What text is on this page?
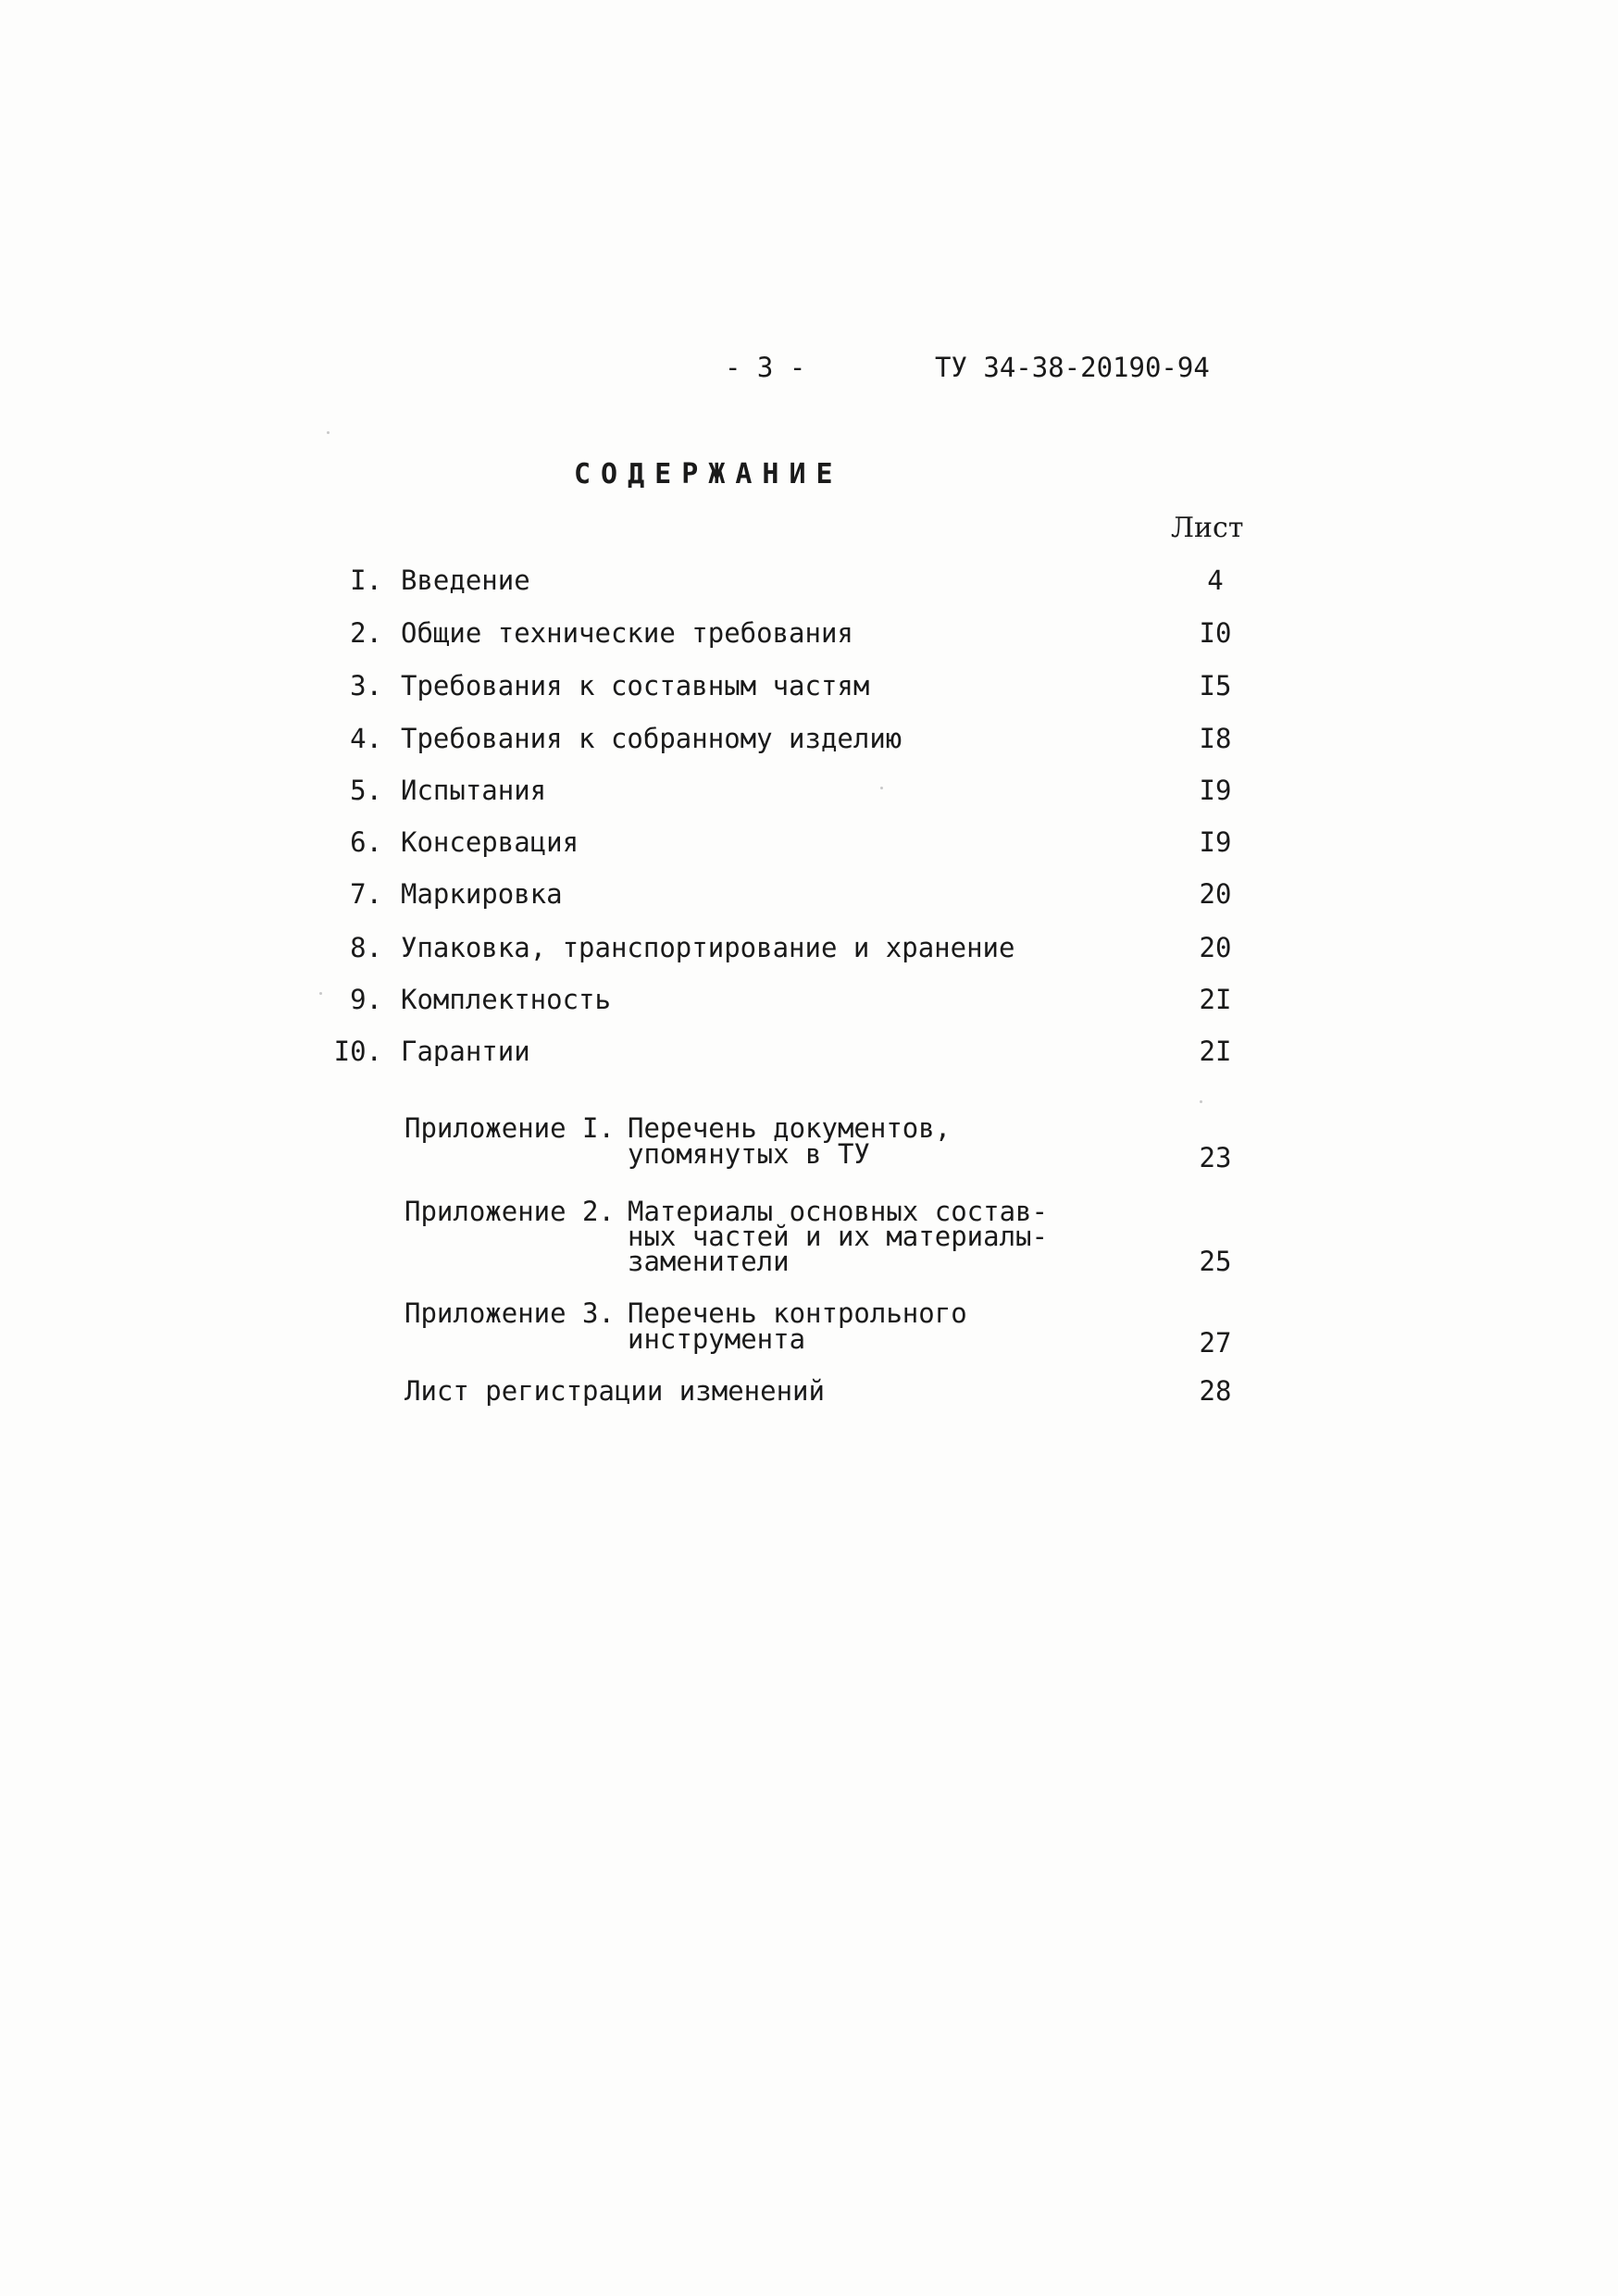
- 3 -	ТУ 34-38-20190-94
СОДЕРЖАНИЕ
Лист
I. Введение	4
2. Общие технические требования	I0
3. Требования к составным частям	I5
4. Требования к собранному изделию	I8
5. Испытания	I9
6. Консервация	I9
7. Маркировка	20
8. Упаковка, транспортирование и хранение	20
9. Комплектность	2I
I0. Гарантии	2I
Приложение I. Перечень документов,
упомянутых в ТУ	23
Приложение 2. Материалы основных состав-
ных частей и их материалы-
заменители	25
Приложение 3. Перечень контрольного
инструмента	27
Лист регистрации изменений	28
